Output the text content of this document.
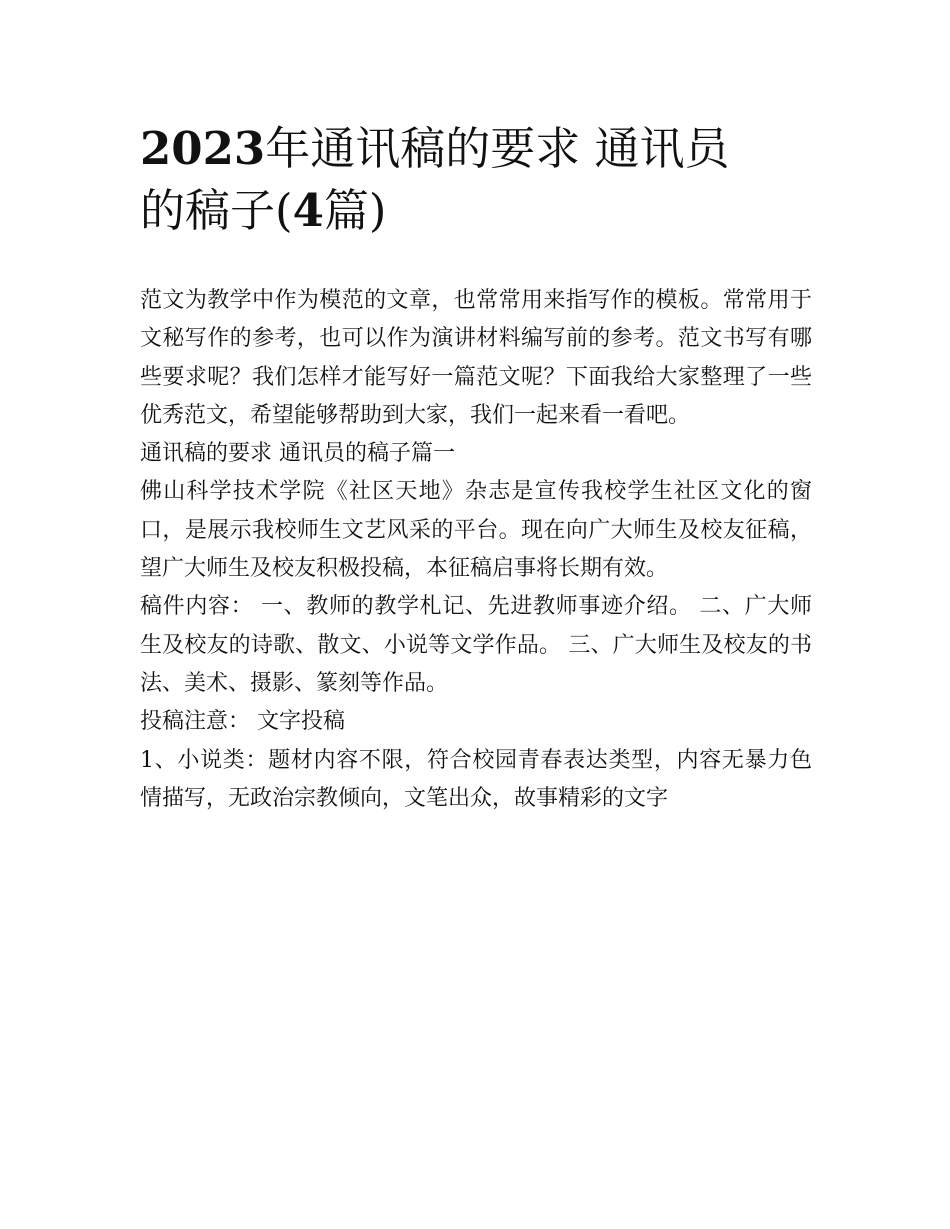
2023年通讯稿的要求 通讯员
的稿子(4篇)

范文为教学中作为模范的文章，也常常用来指写作的模板。常常用于文秘写作的参考，也可以作为演讲材料编写前的参考。范文书写有哪些要求呢？我们怎样才能写好一篇范文呢？下面我给大家整理了一些优秀范文，希望能够帮助到大家，我们一起来看一看吧。

通讯稿的要求 通讯员的稿子篇一

佛山科学技术学院《社区天地》杂志是宣传我校学生社区文化的窗口，是展示我校师生文艺风采的平台。现在向广大师生及校友征稿，望广大师生及校友积极投稿，本征稿启事将长期有效。

稿件内容： 一、教师的教学札记、先进教师事迹介绍。 二、广大师生及校友的诗歌、散文、小说等文学作品。 三、广大师生及校友的书法、美术、摄影、篆刻等作品。

投稿注意： 文字投稿

1、小说类：题材内容不限，符合校园青春表达类型，内容无暴力色情描写，无政治宗教倾向，文笔出众，故事精彩的文字
